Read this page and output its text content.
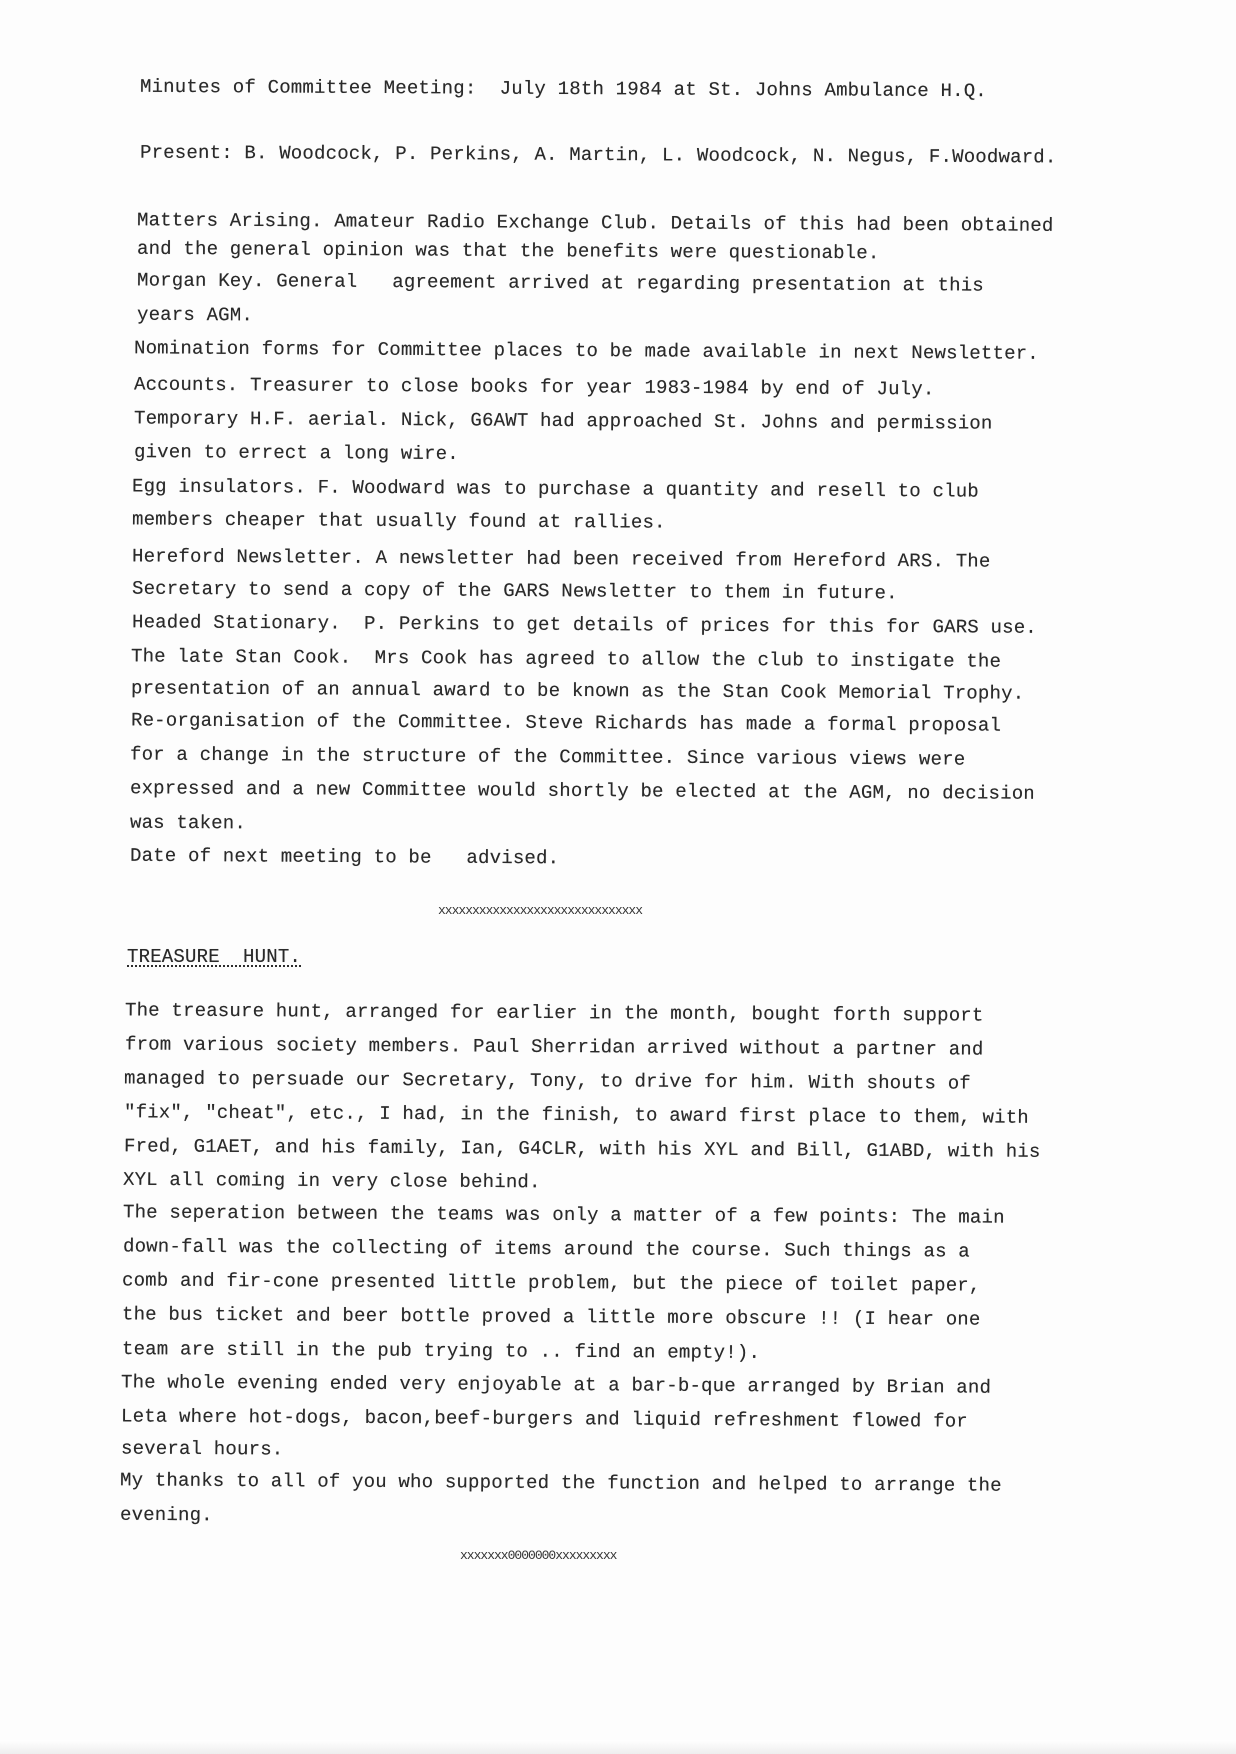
Minutes of Committee Meeting:  July 18th 1984 at St. Johns Ambulance H.Q.
Present: B. Woodcock, P. Perkins, A. Martin, L. Woodcock, N. Negus, F.Woodward.
Matters Arising. Amateur Radio Exchange Club. Details of this had been obtained
and the general opinion was that the benefits were questionable.
Morgan Key. General   agreement arrived at regarding presentation at this
years AGM.
Nomination forms for Committee places to be made available in next Newsletter.
Accounts. Treasurer to close books for year 1983-1984 by end of July.
Temporary H.F. aerial. Nick, G6AWT had approached St. Johns and permission
given to errect a long wire.
Egg insulators. F. Woodward was to purchase a quantity and resell to club
members cheaper that usually found at rallies.
Hereford Newsletter. A newsletter had been received from Hereford ARS. The
Secretary to send a copy of the GARS Newsletter to them in future.
Headed Stationary.  P. Perkins to get details of prices for this for GARS use.
The late Stan Cook.  Mrs Cook has agreed to allow the club to instigate the
presentation of an annual award to be known as the Stan Cook Memorial Trophy.
Re-organisation of the Committee. Steve Richards has made a formal proposal
for a change in the structure of the Committee. Since various views were
expressed and a new Committee would shortly be elected at the AGM, no decision
was taken.
Date of next meeting to be   advised.
xxxxxxxxxxxxxxxxxxxxxxxxxxxxxx
TREASURE  HUNT.
The treasure hunt, arranged for earlier in the month, bought forth support
from various society members. Paul Sherridan arrived without a partner and
managed to persuade our Secretary, Tony, to drive for him. With shouts of
"fix", "cheat", etc., I had, in the finish, to award first place to them, with
Fred, G1AET, and his family, Ian, G4CLR, with his XYL and Bill, G1ABD, with his
XYL all coming in very close behind.
The seperation between the teams was only a matter of a few points: The main
down-fall was the collecting of items around the course. Such things as a
comb and fir-cone presented little problem, but the piece of toilet paper,
the bus ticket and beer bottle proved a little more obscure !! (I hear one
team are still in the pub trying to .. find an empty!).
The whole evening ended very enjoyable at a bar-b-que arranged by Brian and
Leta where hot-dogs, bacon,beef-burgers and liquid refreshment flowed for
several hours.
My thanks to all of you who supported the function and helped to arrange the
evening.
xxxxxxx0000000xxxxxxxxx
